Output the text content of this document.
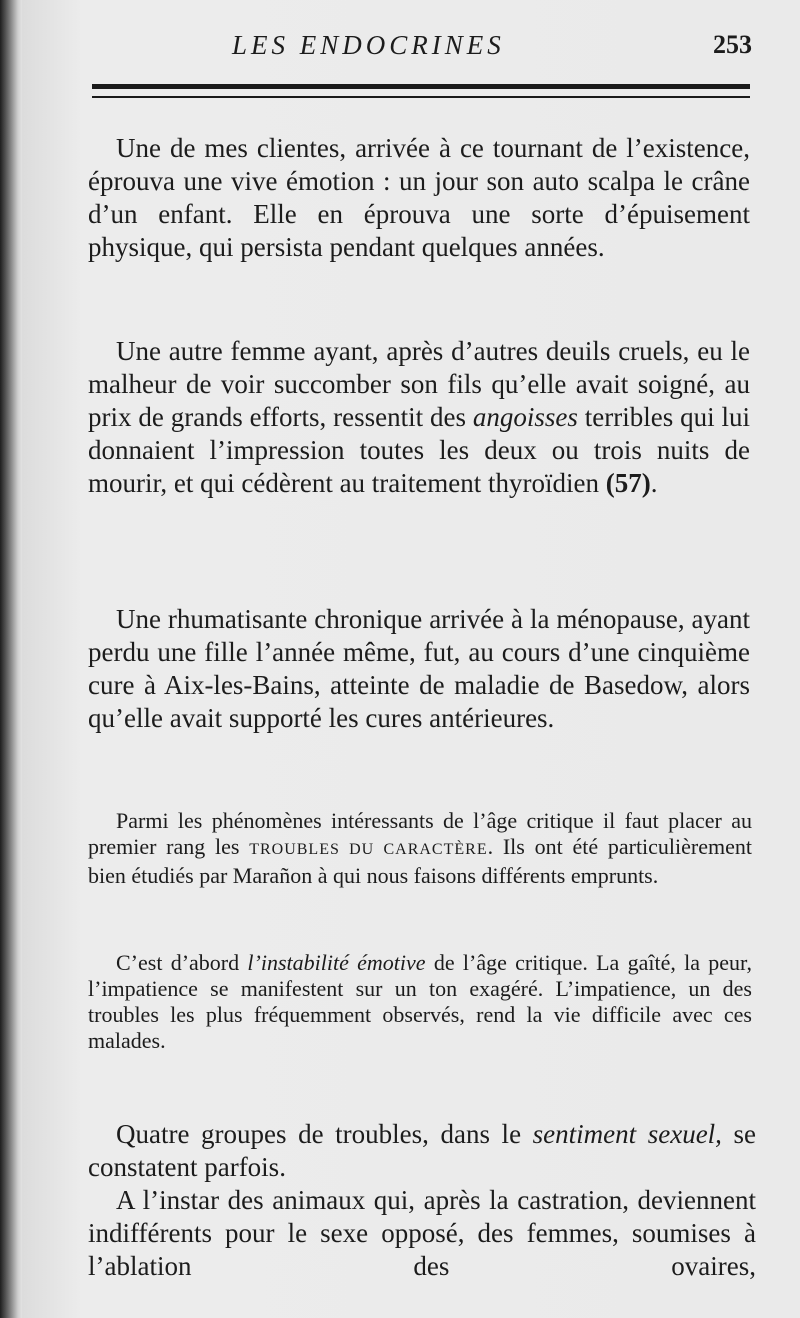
LES ENDOCRINES	253

Une de mes clientes, arrivée à ce tournant de l’existence, éprouva une vive émotion : un jour son auto scalpa le crâne d’un enfant. Elle en éprouva une sorte d’épuisement physique, qui persista pendant quelques années.

Une autre femme ayant, après d’autres deuils cruels, eu le malheur de voir succomber son fils qu’elle avait soigné, au prix de grands efforts, ressentit des angoisses terribles qui lui donnaient l’impression toutes les deux ou trois nuits de mourir, et qui cédèrent au traitement thyroïdien (57).

Une rhumatisante chronique arrivée à la ménopause, ayant perdu une fille l’année même, fut, au cours d’une cinquième cure à Aix-les-Bains, atteinte de maladie de Basedow, alors qu’elle avait supporté les cures antérieures.

Parmi les phénomènes intéressants de l’âge critique il faut placer au premier rang les TROUBLES DU CARACTÈRE. Ils ont été particulièrement bien étudiés par Marañon à qui nous faisons différents emprunts.

C’est d’abord l’instabilité émotive de l’âge critique. La gaîté, la peur, l’impatience se manifestent sur un ton exagéré. L’impatience, un des troubles les plus fréquemment observés, rend la vie difficile avec ces malades.

Quatre groupes de troubles, dans le sentiment sexuel, se constatent parfois.

A l’instar des animaux qui, après la castration, deviennent indifférents pour le sexe opposé, des femmes, soumises à l’ablation des ovaires,
